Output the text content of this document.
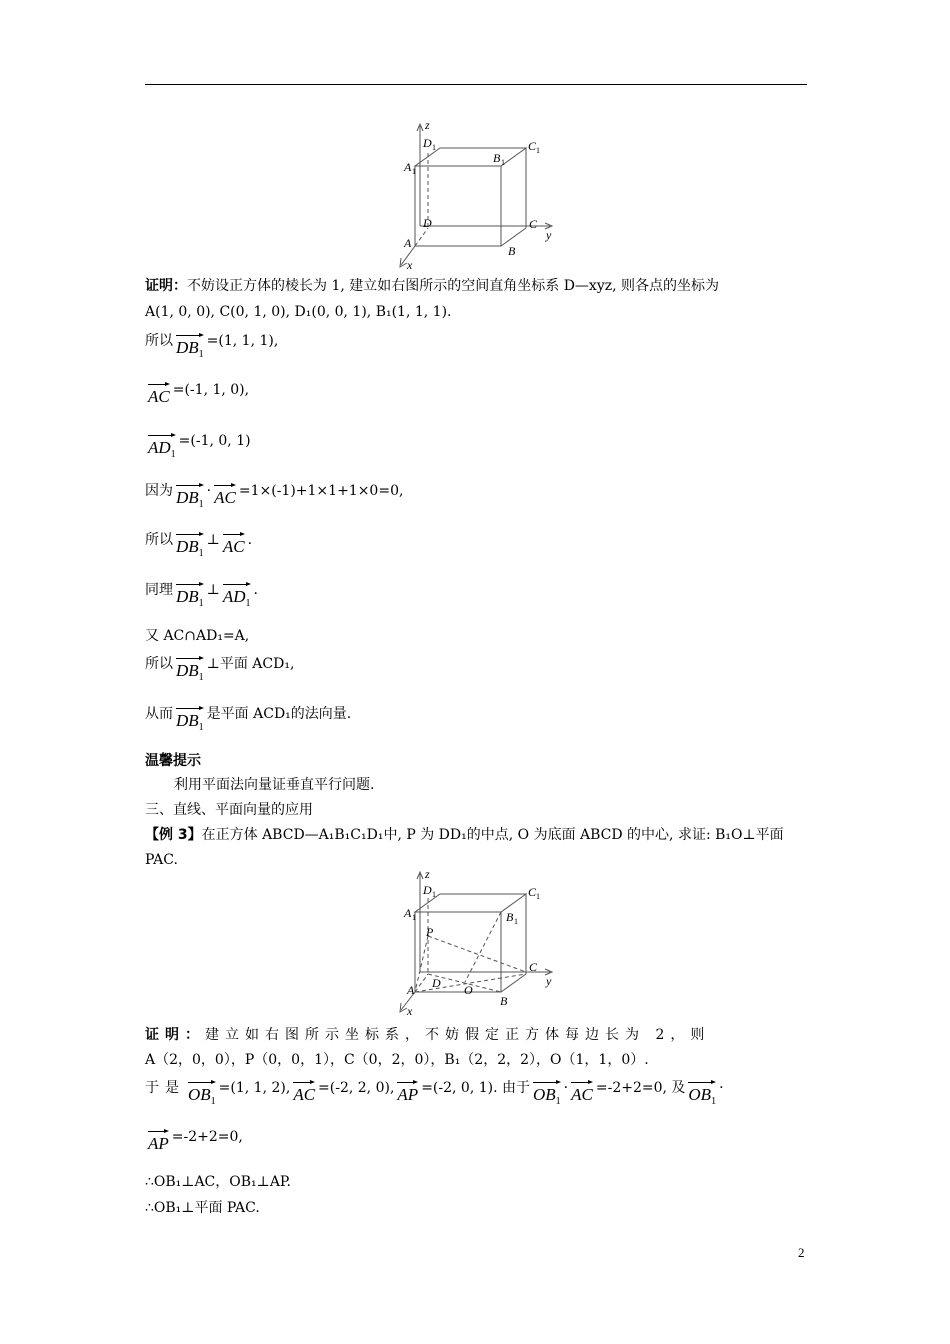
z
D 1	C 1
A 1
B 1
D	C
y
A
B
x
证明：不妨设正方体的棱长为 1, 建立如右图所示的空间直角坐标系 D—xyz, 则各点的坐标为
A(1, 0, 0), C(0, 1, 0), D₁(0, 0, 1), B₁(1, 1, 1).
所以 $DB_1=(1$, 1, 1),
AC =(-1, 1, 0),
$AD_1=(-1$, 0, 1)
因为 $DB_1\cdot$ AC =1×(-1)+1×1+1×0=0,
所以 $DB_1\perp$ AC .
同理 $DB_1\perp$ $AD_1$.
又 AC∩AD₁=A,
所以 $DB_1\perp$平面 ACD₁,
从而 $DB_1$是平面 ACD₁的法向量.
温馨提示
利用平面法向量证垂直平行问题.
三、直线、平面向量的应用
【例 3】在正方体 ABCD—A₁B₁C₁D₁中, P 为 DD₁的中点, O 为底面 ABCD 的中心, 求证: B₁O⊥平面
PAC.
z
D 1	C 1
A 1	B 1
P
C
A D O
y
B
x
证明：建立如右图所示坐标系，不妨假定正方体每边长为 2，则
A（2，0，0），P（0，0，1），C（0，2，0），B₁（2，2，2），O（1，1，0）.
于是 $OB_1=(1$, 1, 2), AC =(-2, 2, 0), AP =(-2, 0, 1). 由于 $OB_1\cdot$ AC =-2+2=0, 及 $OB_1\cdot$
AP =-2+2=0,
∴OB₁⊥AC，OB₁⊥AP.
∴OB₁⊥平面 PAC.
2
